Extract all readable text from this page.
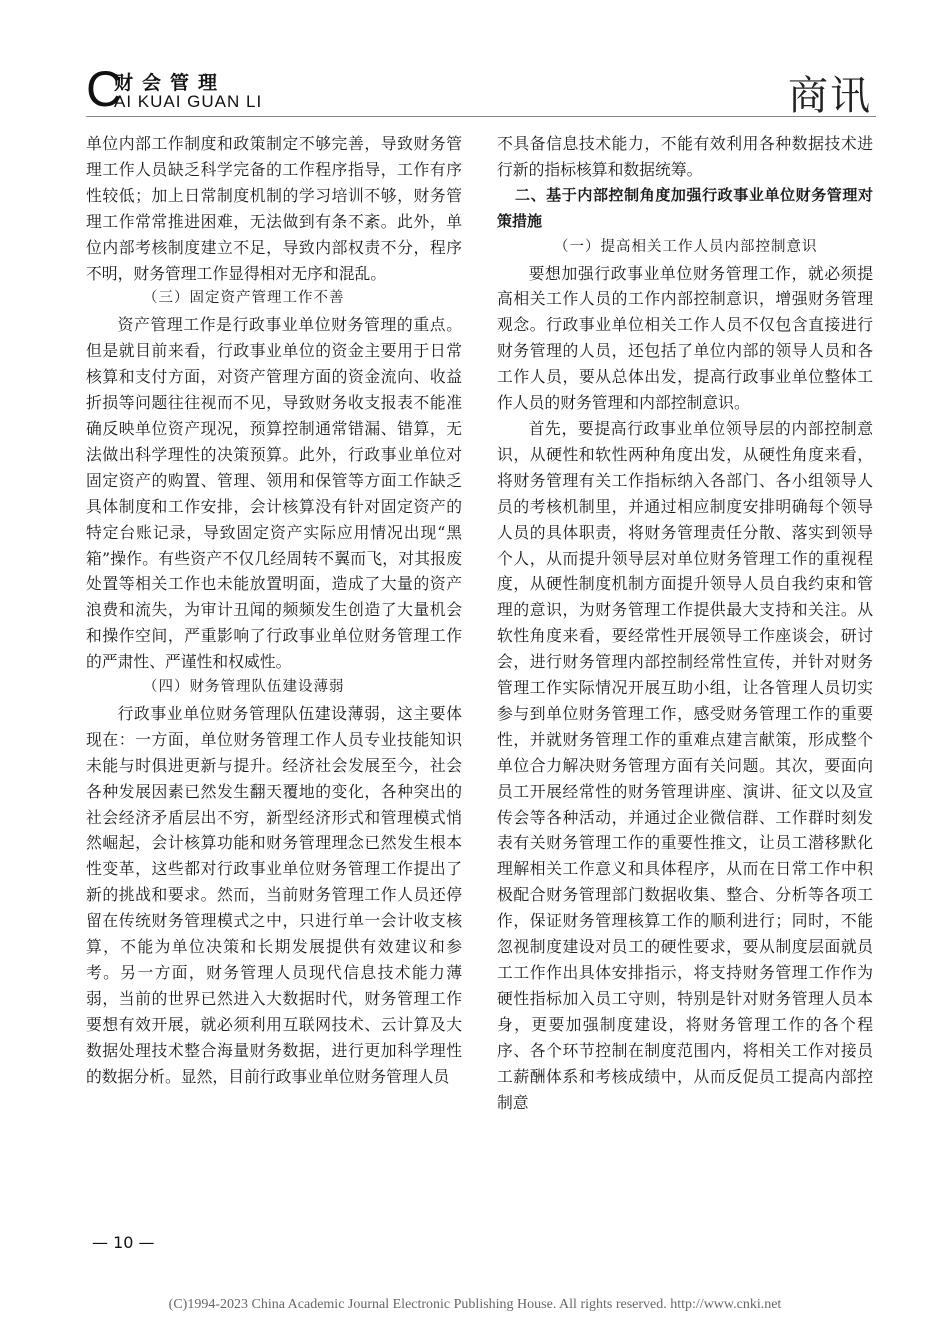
C
财会管理
AI KUAI GUAN LI	商讯

单位内部工作制度和政策制定不够完善，导致财务管理工作人员缺乏科学完备的工作程序指导，工作有序性较低；加上日常制度机制的学习培训不够，财务管理工作常常推进困难，无法做到有条不紊。此外，单位内部考核制度建立不足，导致内部权责不分，程序不明，财务管理工作显得相对无序和混乱。

（三）固定资产管理工作不善

资产管理工作是行政事业单位财务管理的重点。但是就目前来看，行政事业单位的资金主要用于日常核算和支付方面，对资产管理方面的资金流向、收益折损等问题往往视而不见，导致财务收支报表不能准确反映单位资产现况，预算控制通常错漏、错算，无法做出科学理性的决策预算。此外，行政事业单位对固定资产的购置、管理、领用和保管等方面工作缺乏具体制度和工作安排，会计核算没有针对固定资产的特定台账记录，导致固定资产实际应用情况出现“黑箱”操作。有些资产不仅几经周转不翼而飞，对其报废处置等相关工作也未能放置明面，造成了大量的资产浪费和流失，为审计丑闻的频频发生创造了大量机会和操作空间，严重影响了行政事业单位财务管理工作的严肃性、严谨性和权威性。

（四）财务管理队伍建设薄弱

行政事业单位财务管理队伍建设薄弱，这主要体现在：一方面，单位财务管理工作人员专业技能知识未能与时俱进更新与提升。经济社会发展至今，社会各种发展因素已然发生翻天覆地的变化，各种突出的社会经济矛盾层出不穷，新型经济形式和管理模式悄然崛起，会计核算功能和财务管理理念已然发生根本性变革，这些都对行政事业单位财务管理工作提出了新的挑战和要求。然而，当前财务管理工作人员还停留在传统财务管理模式之中，只进行单一会计收支核算，不能为单位决策和长期发展提供有效建议和参考。另一方面，财务管理人员现代信息技术能力薄弱，当前的世界已然进入大数据时代，财务管理工作要想有效开展，就必须利用互联网技术、云计算及大数据处理技术整合海量财务数据，进行更加科学理性的数据分析。显然，目前行政事业单位财务管理人员

不具备信息技术能力，不能有效利用各种数据技术进行新的指标核算和数据统筹。

二、基于内部控制角度加强行政事业单位财务管理对策措施

（一）提高相关工作人员内部控制意识

要想加强行政事业单位财务管理工作，就必须提高相关工作人员的工作内部控制意识，增强财务管理观念。行政事业单位相关工作人员不仅包含直接进行财务管理的人员，还包括了单位内部的领导人员和各工作人员，要从总体出发，提高行政事业单位整体工作人员的财务管理和内部控制意识。

首先，要提高行政事业单位领导层的内部控制意识，从硬性和软性两种角度出发，从硬性角度来看，将财务管理有关工作指标纳入各部门、各小组领导人员的考核机制里，并通过相应制度安排明确每个领导人员的具体职责，将财务管理责任分散、落实到领导个人，从而提升领导层对单位财务管理工作的重视程度，从硬性制度机制方面提升领导人员自我约束和管理的意识，为财务管理工作提供最大支持和关注。从软性角度来看，要经常性开展领导工作座谈会，研讨会，进行财务管理内部控制经常性宣传，并针对财务管理工作实际情况开展互助小组，让各管理人员切实参与到单位财务管理工作，感受财务管理工作的重要性，并就财务管理工作的重难点建言献策，形成整个单位合力解决财务管理方面有关问题。其次，要面向员工开展经常性的财务管理讲座、演讲、征文以及宣传会等各种活动，并通过企业微信群、工作群时刻发表有关财务管理工作的重要性推文，让员工潜移默化理解相关工作意义和具体程序，从而在日常工作中积极配合财务管理部门数据收集、整合、分析等各项工作，保证财务管理核算工作的顺利进行；同时，不能忽视制度建设对员工的硬性要求，要从制度层面就员工工作作出具体安排指示，将支持财务管理工作作为硬性指标加入员工守则，特别是针对财务管理人员本身，更要加强制度建设，将财务管理工作的各个程序、各个环节控制在制度范围内，将相关工作对接员工薪酬体系和考核成绩中，从而反促员工提高内部控制意

— 10 —
(C)1994-2023 China Academic Journal Electronic Publishing House. All rights reserved. http://www.cnki.net
